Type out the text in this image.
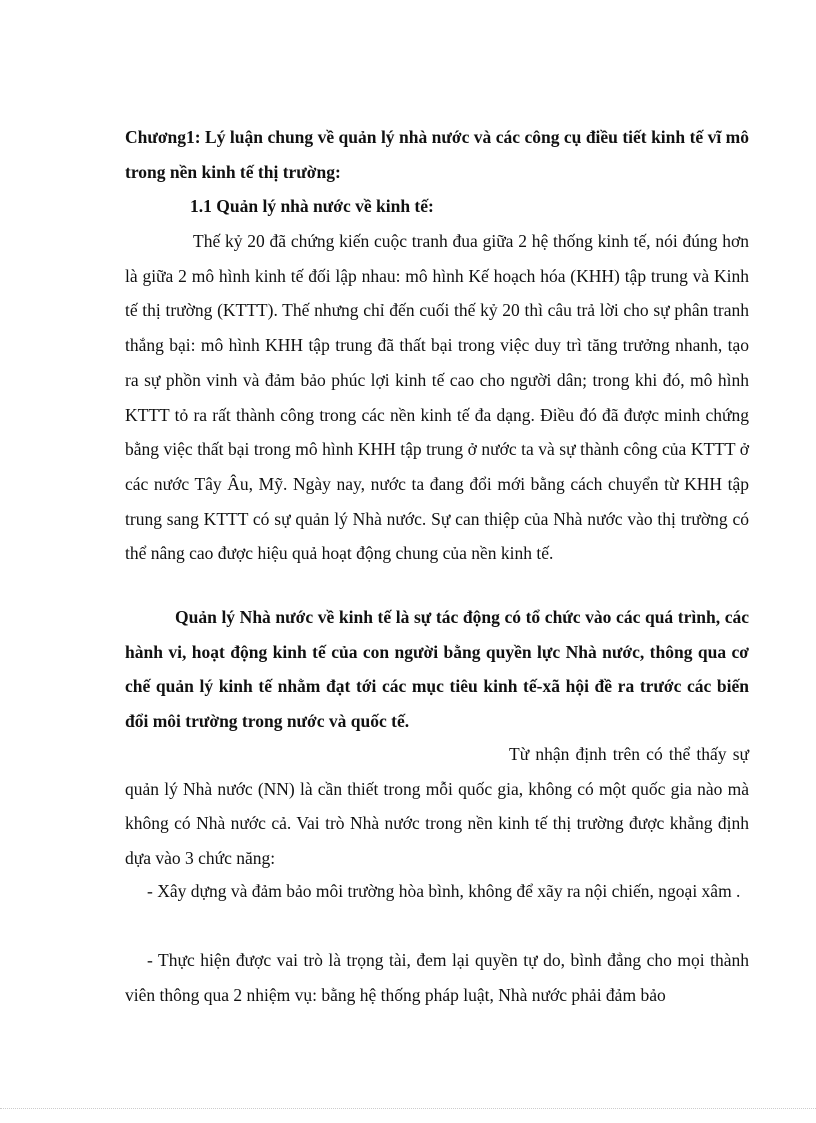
Chương1: Lý luận chung về quản lý nhà nước và các công cụ điều tiết kinh tế vĩ mô trong nền kinh tế thị trường:

1.1 Quản lý nhà nước về kinh tế:

Thế kỷ 20 đã chứng kiến cuộc tranh đua giữa 2 hệ thống kinh tế, nói đúng hơn là giữa 2 mô hình kinh tế đối lập nhau: mô hình Kế hoạch hóa (KHH) tập trung và Kinh tế thị trường (KTTT). Thế nhưng chỉ đến cuối thế kỷ 20 thì câu trả lời cho sự phân tranh thắng bại: mô hình KHH tập trung đã thất bại trong việc duy trì tăng trưởng nhanh, tạo ra sự phồn vinh và đảm bảo phúc lợi kinh tế cao cho người dân; trong khi đó, mô hình KTTT tỏ ra rất thành công trong các nền kinh tế đa dạng. Điều đó đã được minh chứng bằng việc thất bại trong mô hình KHH tập trung ở nước ta và sự thành công của KTTT ở các nước Tây Âu, Mỹ. Ngày nay, nước ta đang đổi mới bằng cách chuyển từ KHH tập trung sang KTTT có sự quản lý Nhà nước. Sự can thiệp của Nhà nước vào thị trường có thể nâng cao được hiệu quả hoạt động chung của nền kinh tế.

Quản lý Nhà nước về kinh tế là sự tác động có tổ chức vào các quá trình, các hành vi, hoạt động kinh tế của con người bằng quyền lực Nhà nước, thông qua cơ chế quản lý kinh tế nhằm đạt tới các mục tiêu kinh tế-xã hội đề ra trước các biến đổi môi trường trong nước và quốc tế.

Từ nhận định trên có thể thấy sự quản lý Nhà nước (NN) là cần thiết trong mỗi quốc gia, không có một quốc gia nào mà không có Nhà nước cả. Vai trò Nhà nước trong nền kinh tế thị trường được khẳng định dựa vào 3 chức năng:

- Xây dựng và đảm bảo môi trường hòa bình, không để xãy ra nội chiến, ngoại xâm .

- Thực hiện được vai trò là trọng tài, đem lại quyền tự do, bình đẳng cho mọi thành viên thông qua 2 nhiệm vụ: bằng hệ thống pháp luật, Nhà nước phải đảm bảo
